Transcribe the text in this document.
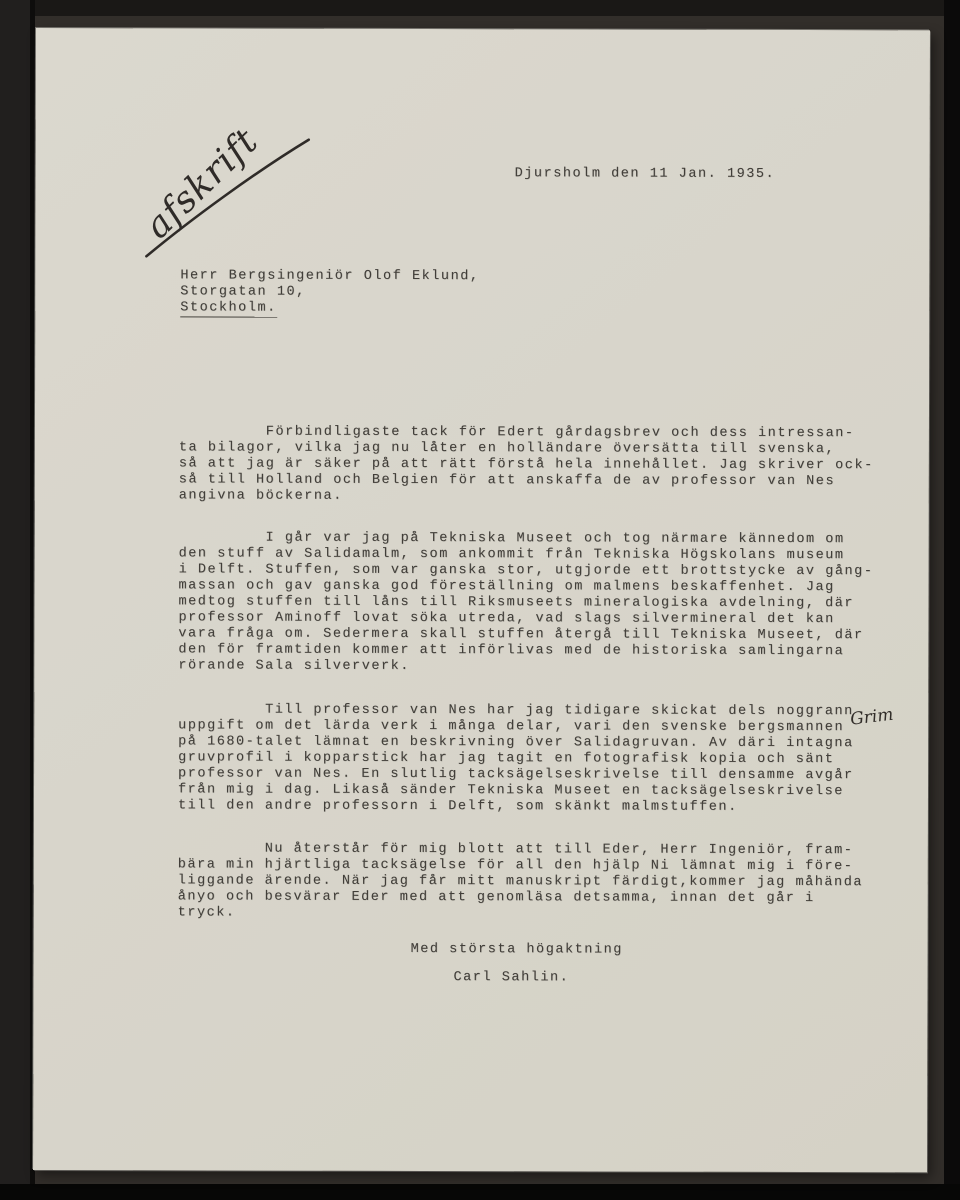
afskrift	Djursholm den 11 Jan. 1935.
Herr Bergsingeniör Olof Eklund,
Storgatan 10,
Stockholm.
Förbindligaste tack för Edert gårdagsbrev och dess intressan-
ta bilagor, vilka jag nu låter en holländare översätta till svenska,
så att jag är säker på att rätt förstå hela innehållet. Jag skriver ock-
så till Holland och Belgien för att anskaffa de av professor van Nes
angivna böckerna.
I går var jag på Tekniska Museet och tog närmare kännedom om
den stuff av Salidamalm, som ankommit från Tekniska Högskolans museum
i Delft. Stuffen, som var ganska stor, utgjorde ett brottstycke av gång-
massan och gav ganska god föreställning om malmens beskaffenhet. Jag
medtog stuffen till låns till Riksmuseets mineralogiska avdelning, där
professor Aminoff lovat söka utreda, vad slags silvermineral det kan
vara fråga om. Sedermera skall stuffen återgå till Tekniska Museet, där
den för framtiden kommer att införlivas med de historiska samlingarna
rörande Sala silververk.
Till professor van Nes har jag tidigare skickat dels noggrann
uppgift om det lärda verk i många delar, vari den svenske bergsmannen
på 1680-talet lämnat en beskrivning över Salidagruvan. Av däri intagna
gruvprofil i kopparstick har jag tagit en fotografisk kopia och sänt
professor van Nes. En slutlig tacksägelseskrivelse till densamme avgår
från mig i dag. Likaså sänder Tekniska Museet en tacksägelseskrivelse
till den andre professorn i Delft, som skänkt malmstuffen.
Grim
Nu återstår för mig blott att till Eder, Herr Ingeniör, fram-
bära min hjärtliga tacksägelse för all den hjälp Ni lämnat mig i före-
liggande ärende. När jag får mitt manuskript färdigt,kommer jag måhända
ånyo och besvärar Eder med att genomläsa detsamma, innan det går i
tryck.
Med största högaktning
Carl Sahlin.
